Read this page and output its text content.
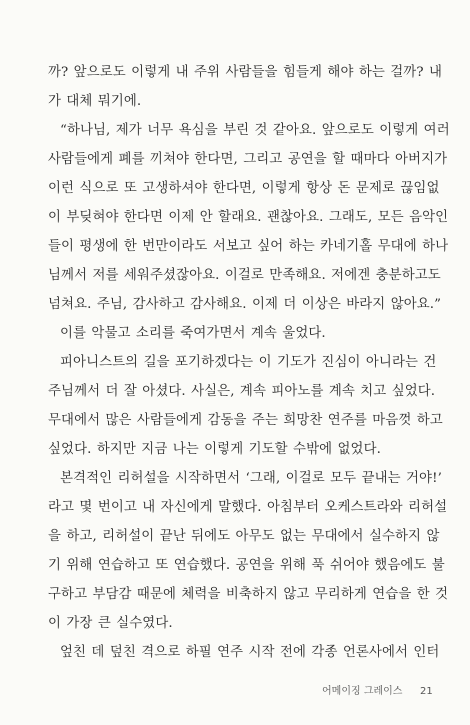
까? 앞으로도 이렇게 내 주위 사람들을 힘들게 해야 하는 걸까? 내
가 대체 뭐기에.
“하나님, 제가 너무 욕심을 부린 것 같아요. 앞으로도 이렇게 여러
사람들에게 폐를 끼쳐야 한다면, 그리고 공연을 할 때마다 아버지가
이런 식으로 또 고생하셔야 한다면, 이렇게 항상 돈 문제로 끊임없
이 부딪혀야 한다면 이제 안 할래요. 괜찮아요. 그래도, 모든 음악인
들이 평생에 한 번만이라도 서보고 싶어 하는 카네기홀 무대에 하나
님께서 저를 세워주셨잖아요. 이걸로 만족해요. 저에겐 충분하고도
넘쳐요. 주님, 감사하고 감사해요. 이제 더 이상은 바라지 않아요.”
이를 악물고 소리를 죽여가면서 계속 울었다.
피아니스트의 길을 포기하겠다는 이 기도가 진심이 아니라는 건
주님께서 더 잘 아셨다. 사실은, 계속 피아노를 계속 치고 싶었다.
무대에서 많은 사람들에게 감동을 주는 희망찬 연주를 마음껏 하고
싶었다. 하지만 지금 나는 이렇게 기도할 수밖에 없었다.
본격적인 리허설을 시작하면서 ‘그래, 이걸로 모두 끝내는 거야!’
라고 몇 번이고 내 자신에게 말했다. 아침부터 오케스트라와 리허설
을 하고, 리허설이 끝난 뒤에도 아무도 없는 무대에서 실수하지 않
기 위해 연습하고 또 연습했다. 공연을 위해 푹 쉬어야 했음에도 불
구하고 부담감 때문에 체력을 비축하지 않고 무리하게 연습을 한 것
이 가장 큰 실수였다.
엎친 데 덮친 격으로 하필 연주 시작 전에 각종 언론사에서 인터
어메이징 그레이스 21
